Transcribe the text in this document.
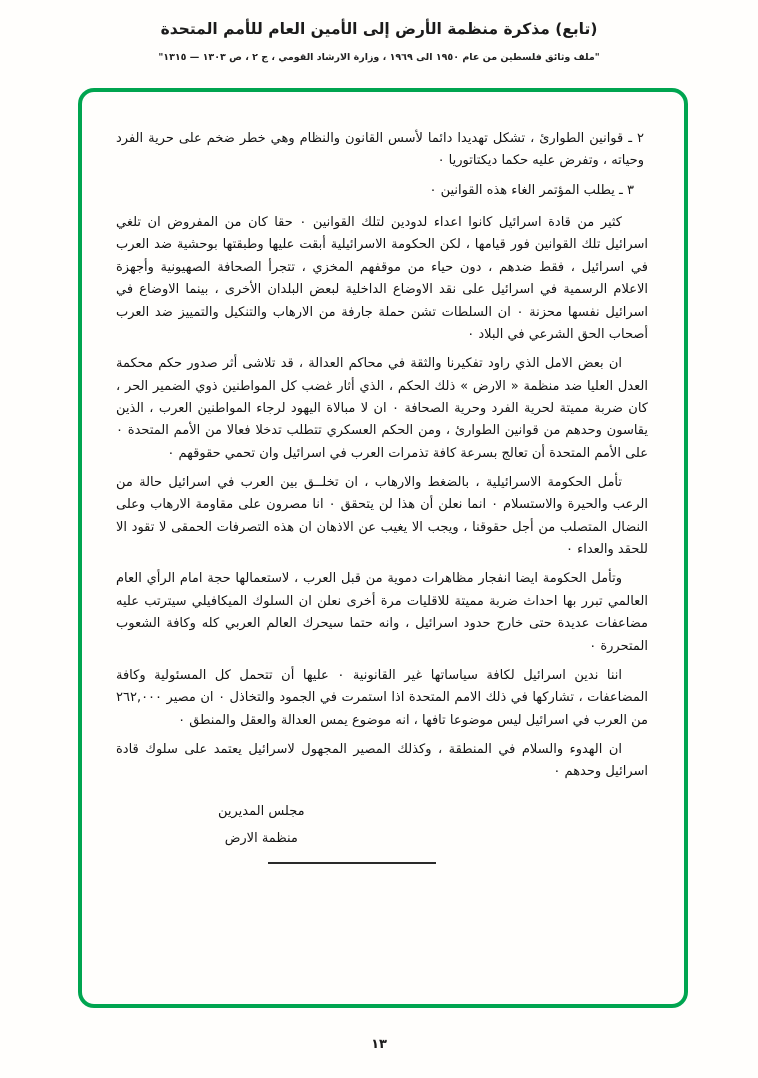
(تابع) مذكرة منظمة الأرض إلى الأمين العام للأمم المتحدة
"ملف وثائق فلسطين من عام ١٩٥٠ الى ١٩٦٩ ، وزارة الارشاد القومي ، ج ٢ ، ص ١٣٠٣ — ١٣١٥"

٢ ـ قوانين الطوارئ ، تشكل تهديدا دائما لأسس القانون والنظام وهي خطر ضخم على حرية الفرد وحياته ، وتفرض عليه حكما ديكتاتوريا ٠

٣ ـ يطلب المؤتمر الغاء هذه القوانين ٠

كثير من قادة اسرائيل كانوا اعداء لدودين لتلك القوانين ٠ حقا كان من المفروض ان تلغي اسرائيل تلك القوانين فور قيامها ، لكن الحكومة الاسرائيلية أبقت عليها وطبقتها بوحشية ضد العرب في اسرائيل ، فقط ضدهم ، دون حياء من موقفهم المخزي ، تتجرأ الصحافة الصهيونية وأجهزة الاعلام الرسمية في اسرائيل على نقد الاوضاع الداخلية لبعض البلدان الأخرى ، بينما الاوضاع في اسرائيل نفسها محزنة ٠ ان السلطات تشن حملة جارفة من الارهاب والتنكيل والتمييز ضد العرب أصحاب الحق الشرعي في البلاد ٠

ان بعض الامل الذي راود تفكيرنا والثقة في محاكم العدالة ، قد تلاشى أثر صدور حكم محكمة العدل العليا ضد منظمة « الارض » ذلك الحكم ، الذي أثار غضب كل المواطنين ذوي الضمير الحر ، كان ضربة مميتة لحرية الفرد وحرية الصحافة ٠ ان لا مبالاة اليهود لرجاء المواطنين العرب ، الذين يقاسون وحدهم من قوانين الطوارئ ، ومن الحكم العسكري تتطلب تدخلا فعالا من الأمم المتحدة ٠ على الأمم المتحدة أن تعالج بسرعة كافة تذمرات العرب في اسرائيل وان تحمي حقوقهم ٠

تأمل الحكومة الاسرائيلية ، بالضغط والارهاب ، ان تخلــق بين العرب في اسرائيل حالة من الرعب والحيرة والاستسلام ٠ انما نعلن أن هذا لن يتحقق ٠ انا مصرون على مقاومة الارهاب وعلى النضال المتصلب من أجل حقوقنا ، ويجب الا يغيب عن الاذهان ان هذه التصرفات الحمقى لا تقود الا للحقد والعداء ٠

وتأمل الحكومة ايضا انفجار مظاهرات دموية من قبل العرب ، لاستعمالها حجة امام الرأي العام العالمي تبرر بها احداث ضربة مميتة للاقليات مرة أخرى نعلن ان السلوك الميكافيلي سيترتب عليه مضاعفات عديدة حتى خارج حدود اسرائيل ، وانه حتما سيحرك العالم العربي كله وكافة الشعوب المتحررة ٠

اننا ندين اسرائيل لكافة سياساتها غير القانونية ٠ عليها أن تتحمل كل المسئولية وكافة المضاعفات ، تشاركها في ذلك الامم المتحدة اذا استمرت في الجمود والتخاذل ٠ ان مصير ٢٦٢,٠٠٠ من العرب في اسرائيل ليس موضوعا تافها ، انه موضوع يمس العدالة والعقل والمنطق ٠

ان الهدوء والسلام في المنطقة ، وكذلك المصير المجهول لاسرائيل يعتمد على سلوك قادة اسرائيل وحدهم ٠

مجلس المديرين
منظمة الارض
١٣
